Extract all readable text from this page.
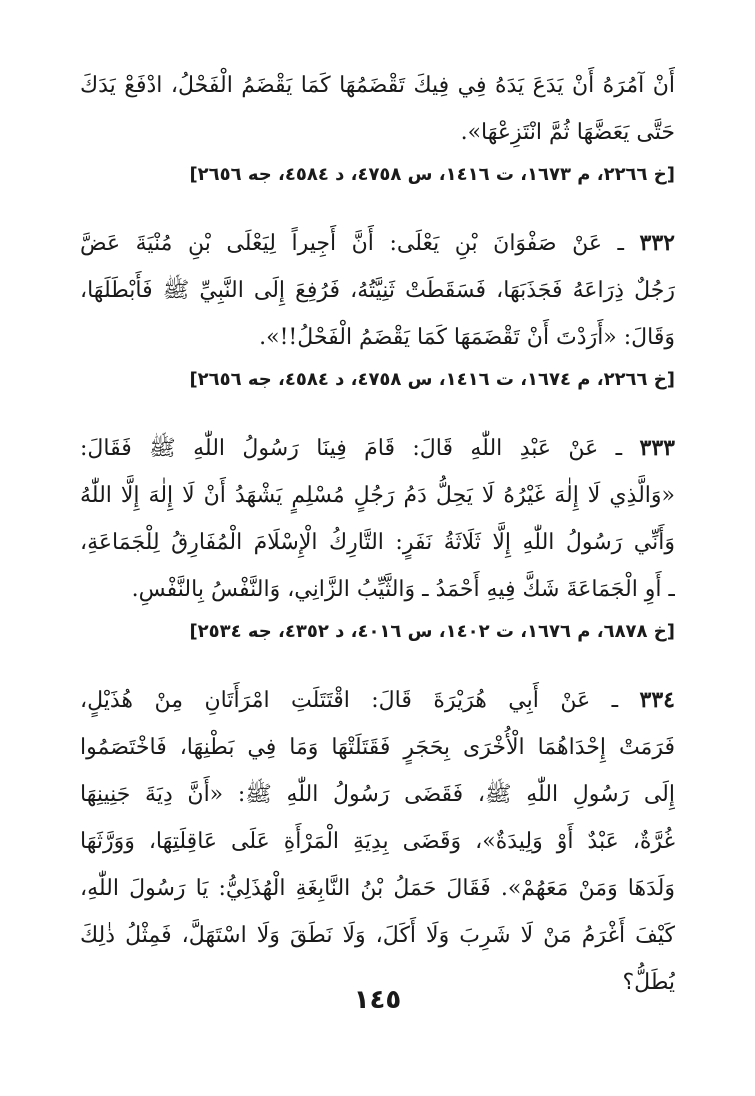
أَنْ آمُرَهُ أَنْ يَدَعَ يَدَهُ فِي فِيكَ تَقْضَمُهَا كَمَا يَقْضَمُ الْفَحْلُ، ادْفَعْ يَدَكَ
حَتَّى يَعَضَّهَا ثُمَّ انْتَزِعْهَا».
[خ ٢٢٦٦، م ١٦٧٣، ت ١٤١٦، س ٤٧٥٨، د ٤٥٨٤، جه ٢٦٥٦]
٣٣٢ ـ عَنْ صَفْوَانَ بْنِ يَعْلَى: أَنَّ أَجِيراً لِيَعْلَى بْنِ مُنْيَةَ عَضَّ
رَجُلٌ ذِرَاعَهُ فَجَذَبَهَا، فَسَقَطَتْ ثَنِيَّتُهُ، فَرُفِعَ إِلَى النَّبِيِّ ﷺ فَأَبْطَلَهَا،
وَقَالَ: «أَرَدْتَ أَنْ تَقْضَمَهَا كَمَا يَقْضَمُ الْفَحْلُ!!».
[خ ٢٢٦٦، م ١٦٧٤، ت ١٤١٦، س ٤٧٥٨، د ٤٥٨٤، جه ٢٦٥٦]
٣٣٣ ـ عَنْ عَبْدِ اللّٰهِ قَالَ: قَامَ فِينَا رَسُولُ اللّٰهِ ﷺ فَقَالَ:
«وَالَّذِي لَا إِلٰهَ غَيْرُهُ لَا يَحِلُّ دَمُ رَجُلٍ مُسْلِمٍ يَشْهَدُ أَنْ لَا إِلٰهَ إِلَّا اللّٰهُ
وَأَنِّي رَسُولُ اللّٰهِ إِلَّا ثَلَاثَةُ نَفَرٍ: التَّارِكُ الْإِسْلَامَ الْمُفَارِقُ لِلْجَمَاعَةِ،
ـ أَوِ الْجَمَاعَةَ شَكَّ فِيهِ أَحْمَدُ ـ وَالثَّيِّبُ الزَّانِي، وَالنَّفْسُ بِالنَّفْسِ.
[خ ٦٨٧٨، م ١٦٧٦، ت ١٤٠٢، س ٤٠١٦، د ٤٣٥٢، جه ٢٥٣٤]
٣٣٤ ـ عَنْ أَبِي هُرَيْرَةَ قَالَ: اقْتَتَلَتِ امْرَأَتَانِ مِنْ هُذَيْلٍ،
فَرَمَتْ إِحْدَاهُمَا الْأُخْرَى بِحَجَرٍ فَقَتَلَتْهَا وَمَا فِي بَطْنِهَا، فَاخْتَصَمُوا
إِلَى رَسُولِ اللّٰهِ ﷺ، فَقَضَى رَسُولُ اللّٰهِ ﷺ: «أَنَّ دِيَةَ جَنِينِهَا
غُرَّةٌ، عَبْدٌ أَوْ وَلِيدَةٌ»، وَقَضَى بِدِيَةِ الْمَرْأَةِ عَلَى عَاقِلَتِهَا، وَوَرَّثَهَا
وَلَدَهَا وَمَنْ مَعَهُمْ». فَقَالَ حَمَلُ بْنُ النَّابِغَةِ الْهُذَلِيُّ: يَا رَسُولَ اللّٰهِ،
كَيْفَ أَغْرَمُ مَنْ لَا شَرِبَ وَلَا أَكَلَ، وَلَا نَطَقَ وَلَا اسْتَهَلَّ، فَمِثْلُ ذٰلِكَ
يُطَلُّ؟
١٤٥
